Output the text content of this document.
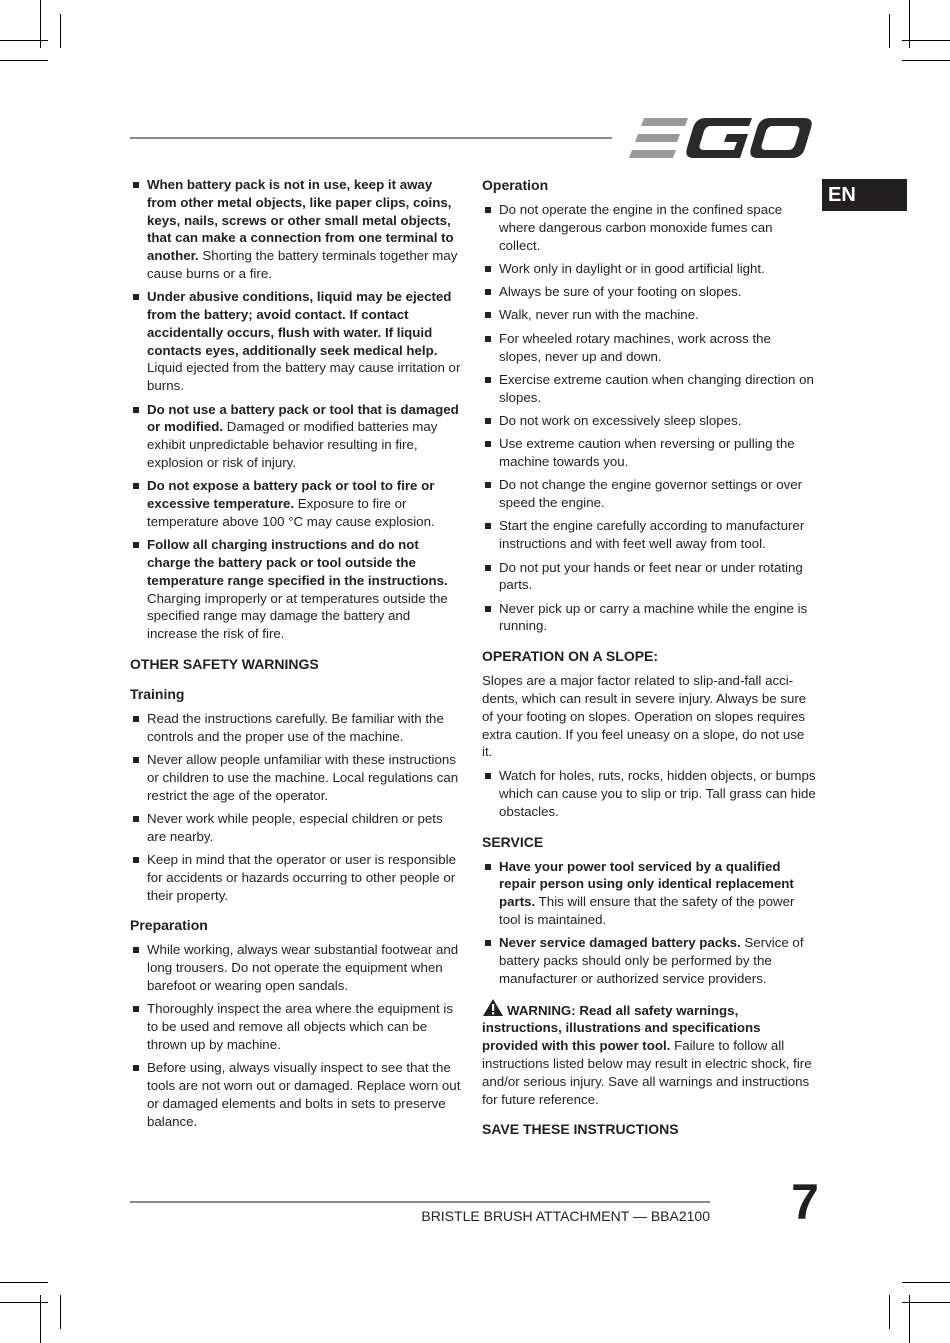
EN
When battery pack is not in use, keep it away from other metal objects, like paper clips, coins, keys, nails, screws or other small metal objects, that can make a connection from one terminal to another. Shorting the battery terminals together may cause burns or a fire.
Under abusive conditions, liquid may be ejected from the battery; avoid contact. If contact accidentally occurs, flush with water. If liquid contacts eyes, additionally seek medical help. Liquid ejected from the battery may cause irritation or burns.
Do not use a battery pack or tool that is damaged or modified. Damaged or modified batteries may exhibit unpredictable behavior resulting in fire, explosion or risk of injury.
Do not expose a battery pack or tool to fire or excessive temperature. Exposure to fire or temperature above 100 °C may cause explosion.
Follow all charging instructions and do not charge the battery pack or tool outside the temperature range specified in the instructions. Charging improperly or at temperatures outside the specified range may damage the battery and increase the risk of fire.
OTHER SAFETY WARNINGS
Training
Read the instructions carefully. Be familiar with the controls and the proper use of the machine.
Never allow people unfamiliar with these instructions or children to use the machine. Local regulations can restrict the age of the operator.
Never work while people, especial children or pets are nearby.
Keep in mind that the operator or user is responsible for accidents or hazards occurring to other people or their property.
Preparation
While working, always wear substantial footwear and long trousers. Do not operate the equipment when barefoot or wearing open sandals.
Thoroughly inspect the area where the equipment is to be used and remove all objects which can be thrown up by machine.
Before using, always visually inspect to see that the tools are not worn out or damaged. Replace worn out or damaged elements and bolts in sets to preserve balance.
Operation
Do not operate the engine in the confined space where dangerous carbon monoxide fumes can collect.
Work only in daylight or in good artificial light.
Always be sure of your footing on slopes.
Walk, never run with the machine.
For wheeled rotary machines, work across the slopes, never up and down.
Exercise extreme caution when changing direction on slopes.
Do not work on excessively sleep slopes.
Use extreme caution when reversing or pulling the machine towards you.
Do not change the engine governor settings or over speed the engine.
Start the engine carefully according to manufacturer instructions and with feet well away from tool.
Do not put your hands or feet near or under rotating parts.
Never pick up or carry a machine while the engine is running.
OPERATION ON A SLOPE:

Slopes are a major factor related to slip-and-fall acci-dents, which can result in severe injury. Always be sure of your footing on slopes. Operation on slopes requires extra caution. If you feel uneasy on a slope, do not use it.

Watch for holes, ruts, rocks, hidden objects, or bumps which can cause you to slip or trip. Tall grass can hide obstacles.
SERVICE
Have your power tool serviced by a qualified repair person using only identical replacement parts. This will ensure that the safety of the power tool is maintained.
Never service damaged battery packs. Service of battery packs should only be performed by the manufacturer or authorized service providers.

WARNING: Read all safety warnings, instructions, illustrations and specifications provided with this power tool. Failure to follow all instructions listed below may result in electric shock, fire and/or serious injury. Save all warnings and instructions for future reference.

SAVE THESE INSTRUCTIONS
BRISTLE BRUSH ATTACHMENT — BBA2100 7
